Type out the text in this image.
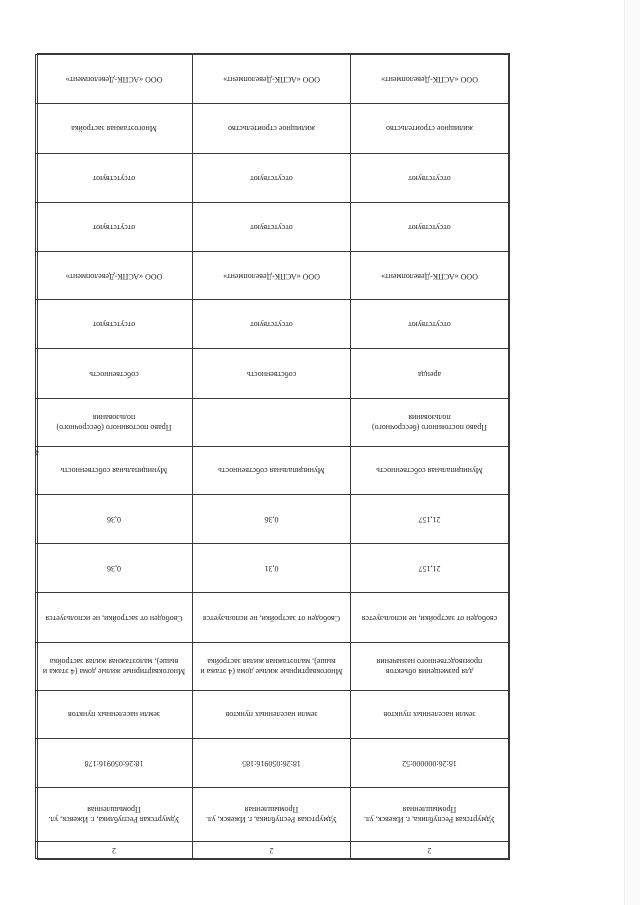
4
2	2	2
Удмуртская Республика, г. Ижевск, ул. Промышленная	Удмуртская Республика, г. Ижевск, ул. Промышленная	Удмуртская Республика, г. Ижевск, ул. Промышленная
18:26:000000:52	18:26:050916:185	18:26:050916:178
земли населенных пунктов	земли населенных пунктов	земли населенных пунктов
для размещения объектов производственного назначения	Многоквартирные жилые дома (4 этажа и выше), малоэтажная жилая застройка	Многоквартирные жилые дома (4 этажа и выше), малоэтажная жилая застройка
свободен от застройки, не используется	Свободен от застройки, не используется	Свободен от застройки, не используется
21,157	0,31	0,36
21,157	0,36	0,36
Муниципальная собственность	Муниципальная собственность	Муниципальная собственность
Право постоянного (бессрочного) пользования		Право постоянного (бессрочного) пользования
аренда	собственность	собственность
отсутствуют	отсутствуют	отсутствуют
ООО «АСПК-Девелопмент»	ООО «АСПК-Девелопмент»	ООО «АСПК-Девелопмент»
отсутствуют	отсутствуют	отсутствуют
отсутствуют	отсутствуют	отсутствуют
жилищное строительство	жилищное строительство	Многоэтажная застройка
ООО «АСПК-Девелопмент»	ООО «АСПК-Девелопмент»	ООО «АСПК-Девелопмент»
